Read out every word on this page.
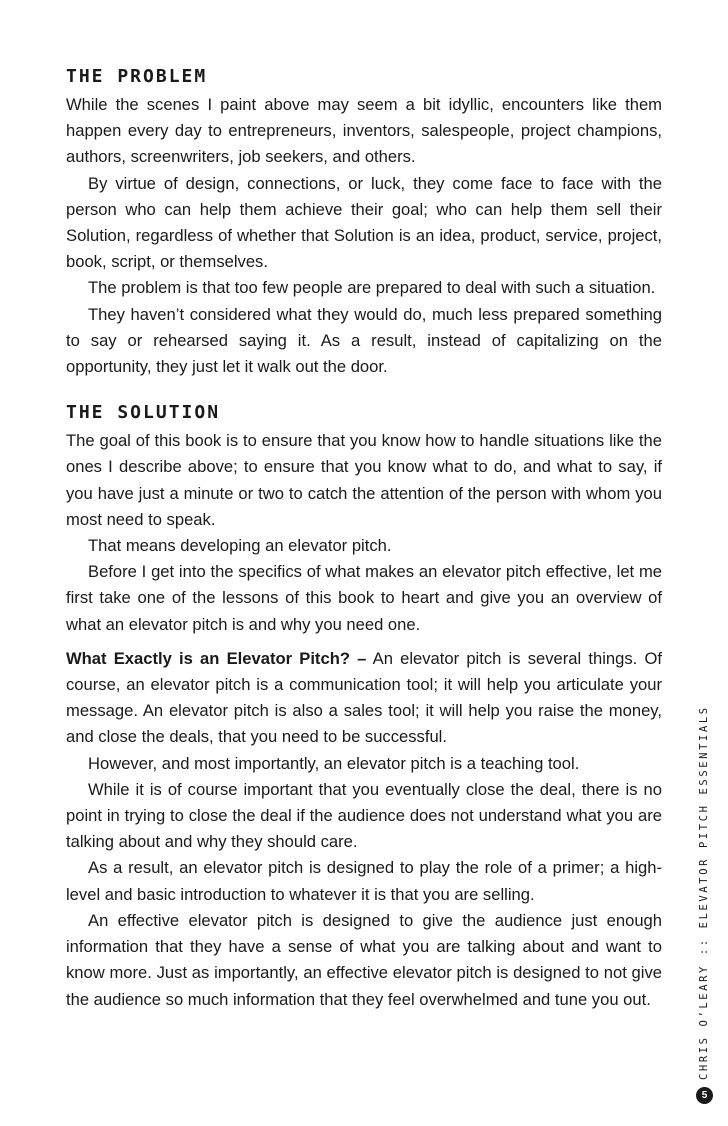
THE PROBLEM

While the scenes I paint above may seem a bit idyllic, encounters like them happen every day to entrepreneurs, inventors, salespeople, project champions, authors, screenwriters, job seekers, and others.

By virtue of design, connections, or luck, they come face to face with the person who can help them achieve their goal; who can help them sell their Solution, regardless of whether that Solution is an idea, product, service, project, book, script, or themselves.

The problem is that too few people are prepared to deal with such a situation.

They haven’t considered what they would do, much less prepared something to say or rehearsed saying it. As a result, instead of capitalizing on the opportunity, they just let it walk out the door.

THE SOLUTION

The goal of this book is to ensure that you know how to handle situations like the ones I describe above; to ensure that you know what to do, and what to say, if you have just a minute or two to catch the attention of the person with whom you most need to speak.

That means developing an elevator pitch.

Before I get into the specifics of what makes an elevator pitch effective, let me first take one of the lessons of this book to heart and give you an overview of what an elevator pitch is and why you need one.

What Exactly is an Elevator Pitch? – An elevator pitch is several things. Of course, an elevator pitch is a communication tool; it will help you articulate your message. An elevator pitch is also a sales tool; it will help you raise the money, and close the deals, that you need to be successful.

However, and most importantly, an elevator pitch is a teaching tool.

While it is of course important that you eventually close the deal, there is no point in trying to close the deal if the audience does not understand what you are talking about and why they should care.

As a result, an elevator pitch is designed to play the role of a primer; a high-level and basic introduction to whatever it is that you are selling.

An effective elevator pitch is designed to give the audience just enough information that they have a sense of what you are talking about and want to know more. Just as importantly, an effective elevator pitch is designed to not give the audience so much information that they feel overwhelmed and tune you out.	CHRIS O’LEARY :: ELEVATOR PITCH ESSENTIALS
5
